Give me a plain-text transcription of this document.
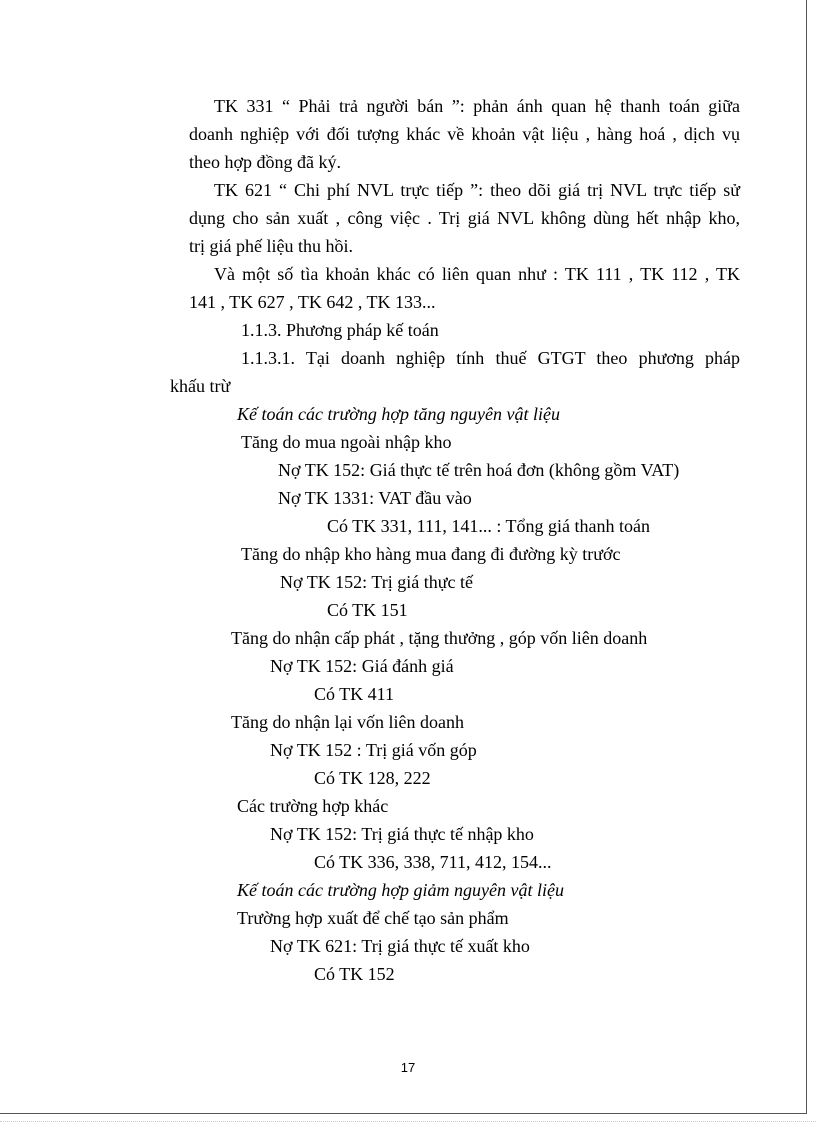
TK 331 “ Phải trả người bán ”: phản ánh quan hệ thanh toán giữa
doanh nghiệp với đối tượng khác về khoản vật liệu , hàng hoá , dịch vụ
theo hợp đồng đã ký.
TK 621 “ Chi phí NVL trực tiếp ”: theo dõi giá trị NVL trực tiếp sử
dụng cho sản xuất , công việc . Trị giá NVL không dùng hết nhập kho,
trị giá phế liệu thu hồi.
Và một số tìa khoản khác có liên quan như : TK 111 , TK 112 , TK
141 , TK 627 , TK 642 , TK 133...
1.1.3. Phương pháp kế toán
1.1.3.1. Tại doanh nghiệp tính thuế GTGT theo phương pháp
khấu trừ
Kế toán các trường hợp tăng nguyên vật liệu
Tăng do mua ngoài nhập kho
Nợ TK 152: Giá thực tế trên hoá đơn (không gồm VAT)
Nợ TK 1331: VAT đầu vào
Có TK 331, 111, 141... : Tổng giá thanh toán
Tăng do nhập kho hàng mua đang đi đường kỳ trước
Nợ TK 152: Trị giá thực tế
Có TK 151
Tăng do nhận cấp phát , tặng thưởng , góp vốn liên doanh
Nợ TK 152: Giá đánh giá
Có TK 411
Tăng do nhận lại vốn liên doanh
Nợ TK 152 : Trị giá vốn góp
Có TK 128, 222
Các trường hợp khác
Nợ TK 152: Trị giá thực tế nhập kho
Có TK 336, 338, 711, 412, 154...
Kế toán các trường hợp giảm nguyên vật liệu
Trường hợp xuất để chế tạo sản phẩm
Nợ TK 621: Trị giá thực tế xuất kho
Có TK 152
17
